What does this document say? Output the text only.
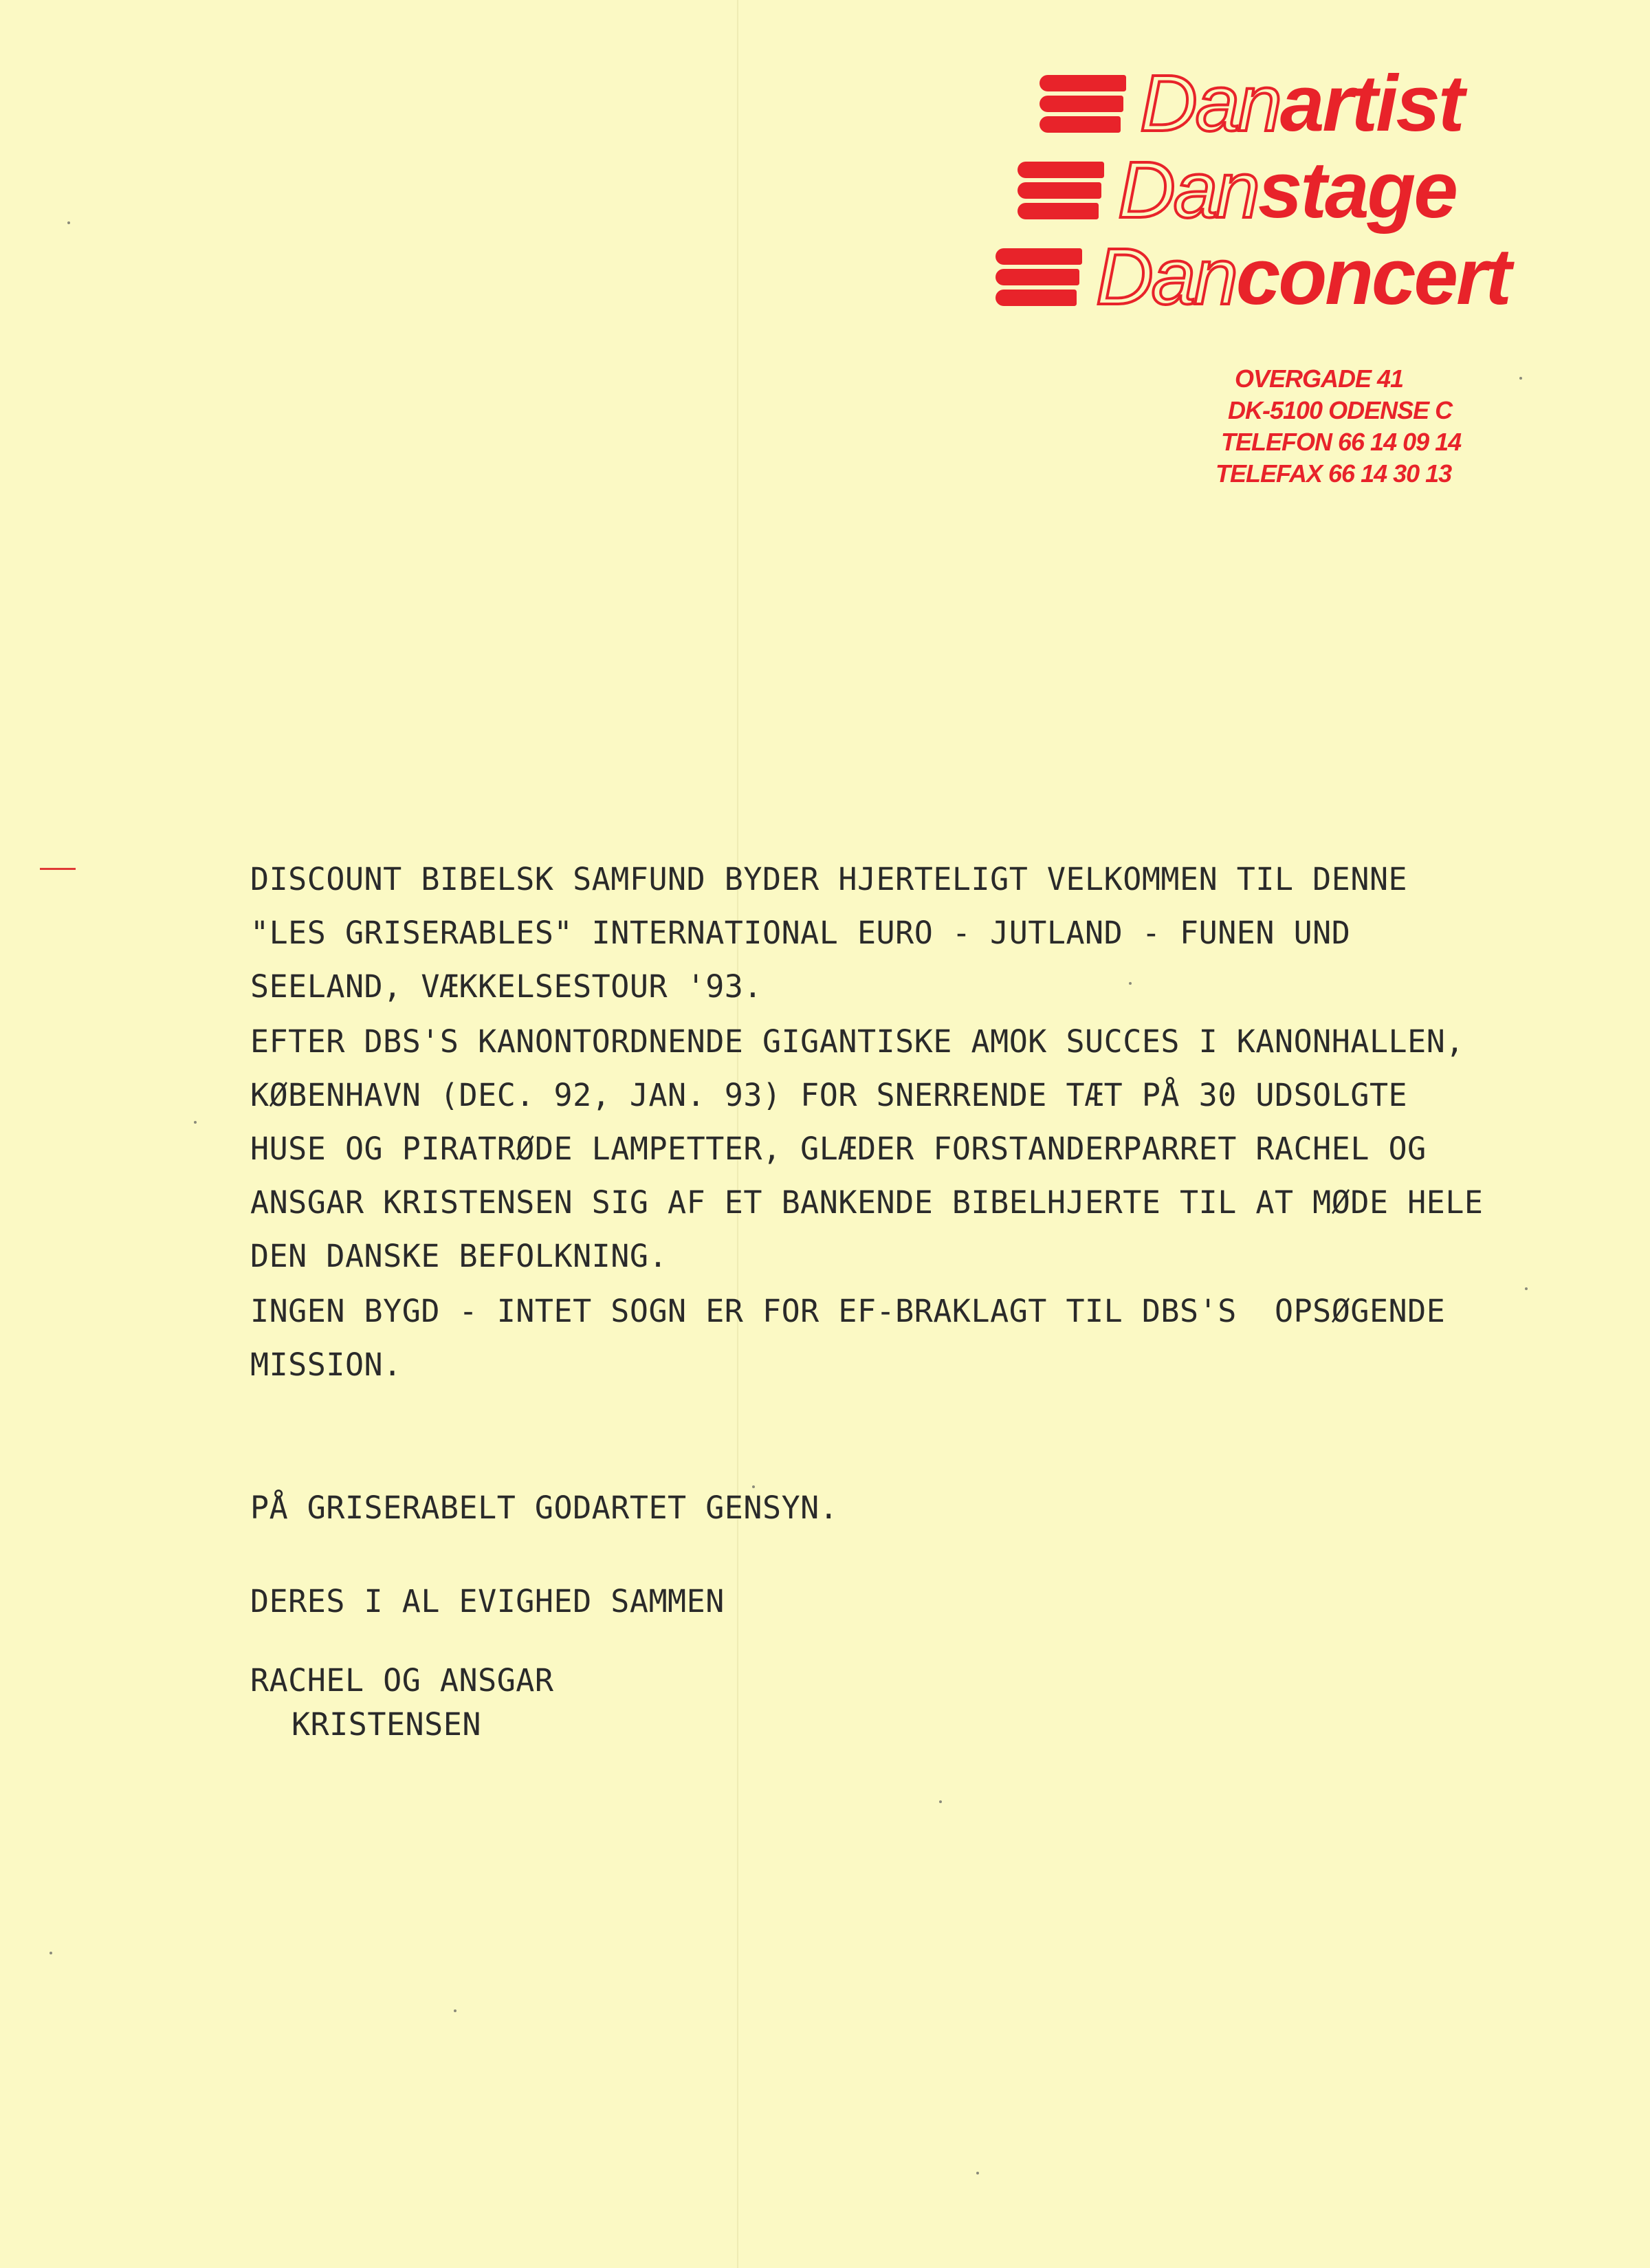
Dan artist
Dan stage
Dan concert
OVERGADE 41
DK-5100 ODENSE C
TELEFON 66 14 09 14
TELEFAX 66 14 30 13
DISCOUNT BIBELSK SAMFUND BYDER HJERTELIGT VELKOMMEN TIL DENNE
"LES GRISERABLES" INTERNATIONAL EURO - JUTLAND - FUNEN UND
SEELAND, VÆKKELSESTOUR '93.
EFTER DBS'S KANONTORDNENDE GIGANTISKE AMOK SUCCES I KANONHALLEN,
KØBENHAVN (DEC. 92, JAN. 93) FOR SNERRENDE TÆT PÅ 30 UDSOLGTE
HUSE OG PIRATRØDE LAMPETTER, GLÆDER FORSTANDERPARRET RACHEL OG
ANSGAR KRISTENSEN SIG AF ET BANKENDE BIBELHJERTE TIL AT MØDE HELE
DEN DANSKE BEFOLKNING.
INGEN BYGD - INTET SOGN ER FOR EF-BRAKLAGT TIL DBS'S  OPSØGENDE
MISSION.
PÅ GRISERABELT GODARTET GENSYN.
DERES I AL EVIGHED SAMMEN
RACHEL OG ANSGAR
KRISTENSEN
